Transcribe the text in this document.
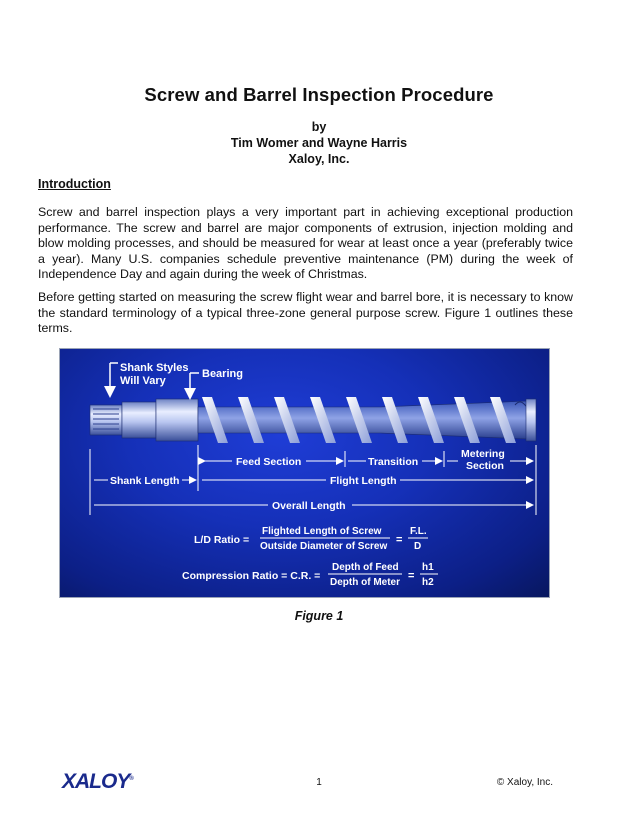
Screw and Barrel Inspection Procedure
by
Tim Womer and Wayne Harris
Xaloy, Inc.
Introduction

Screw and barrel inspection plays a very important part in achieving exceptional production performance. The screw and barrel are major components of extrusion, injection molding and blow molding processes, and should be measured for wear at least once a year (preferably twice a year). Many U.S. companies schedule preventive maintenance (PM) during the week of Independence Day and again during the week of Christmas.

Before getting started on measuring the screw flight wear and barrel bore, it is necessary to know the standard terminology of a typical three-zone general purpose screw. Figure 1 outlines these terms.

Shank Styles
Will Vary
Bearing
Feed Section	Transition
Metering
Section
Shank Length	Flight Length
Overall Length
L/D Ratio =
Flighted Length of Screw
Outside Diameter of Screw
=
F.L.
D
Compression Ratio = C.R. =
Depth of Feed
Depth of Meter
=
h1
h2
Figure 1
XALOY®	1	© Xaloy, Inc.
